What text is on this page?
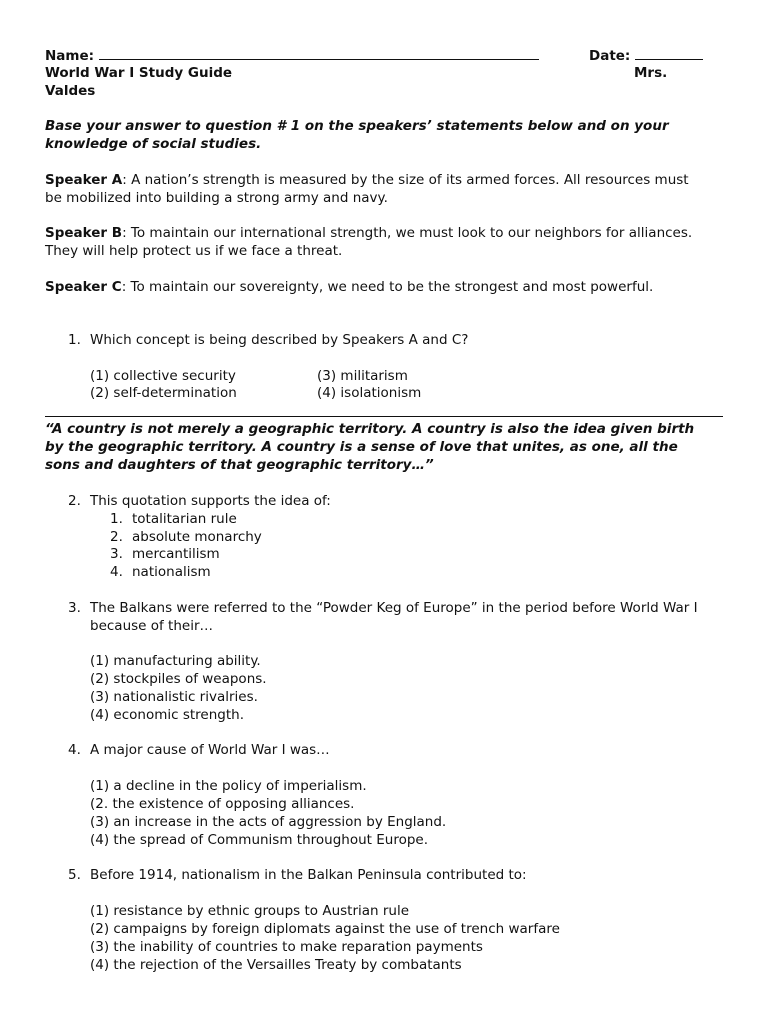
Name:	Date:
World War I Study Guide	Mrs.
Valdes
Base your answer to question # 1 on the speakers’ statements below and on your
knowledge of social studies.
Speaker A: A nation’s strength is measured by the size of its armed forces. All resources must
be mobilized into building a strong army and navy.
Speaker B: To maintain our international strength, we must look to our neighbors for alliances.
They will help protect us if we face a threat.
Speaker C: To maintain our sovereignty, we need to be the strongest and most powerful.
1. Which concept is being described by Speakers A and C?
(1) collective security
(2) self-determination
(3) militarism
(4) isolationism
“A country is not merely a geographic territory. A country is also the idea given birth
by the geographic territory. A country is a sense of love that unites, as one, all the
sons and daughters of that geographic territory…”
2. This quotation supports the idea of:
1. totalitarian rule
2. absolute monarchy
3. mercantilism
4. nationalism
3. The Balkans were referred to the “Powder Keg of Europe” in the period before World War I
because of their…
(1) manufacturing ability.
(2) stockpiles of weapons.
(3) nationalistic rivalries.
(4) economic strength.
4. A major cause of World War I was…
(1) a decline in the policy of imperialism.
(2. the existence of opposing alliances.
(3) an increase in the acts of aggression by England.
(4) the spread of Communism throughout Europe.
5. Before 1914, nationalism in the Balkan Peninsula contributed to:
(1) resistance by ethnic groups to Austrian rule
(2) campaigns by foreign diplomats against the use of trench warfare
(3) the inability of countries to make reparation payments
(4) the rejection of the Versailles Treaty by combatants
